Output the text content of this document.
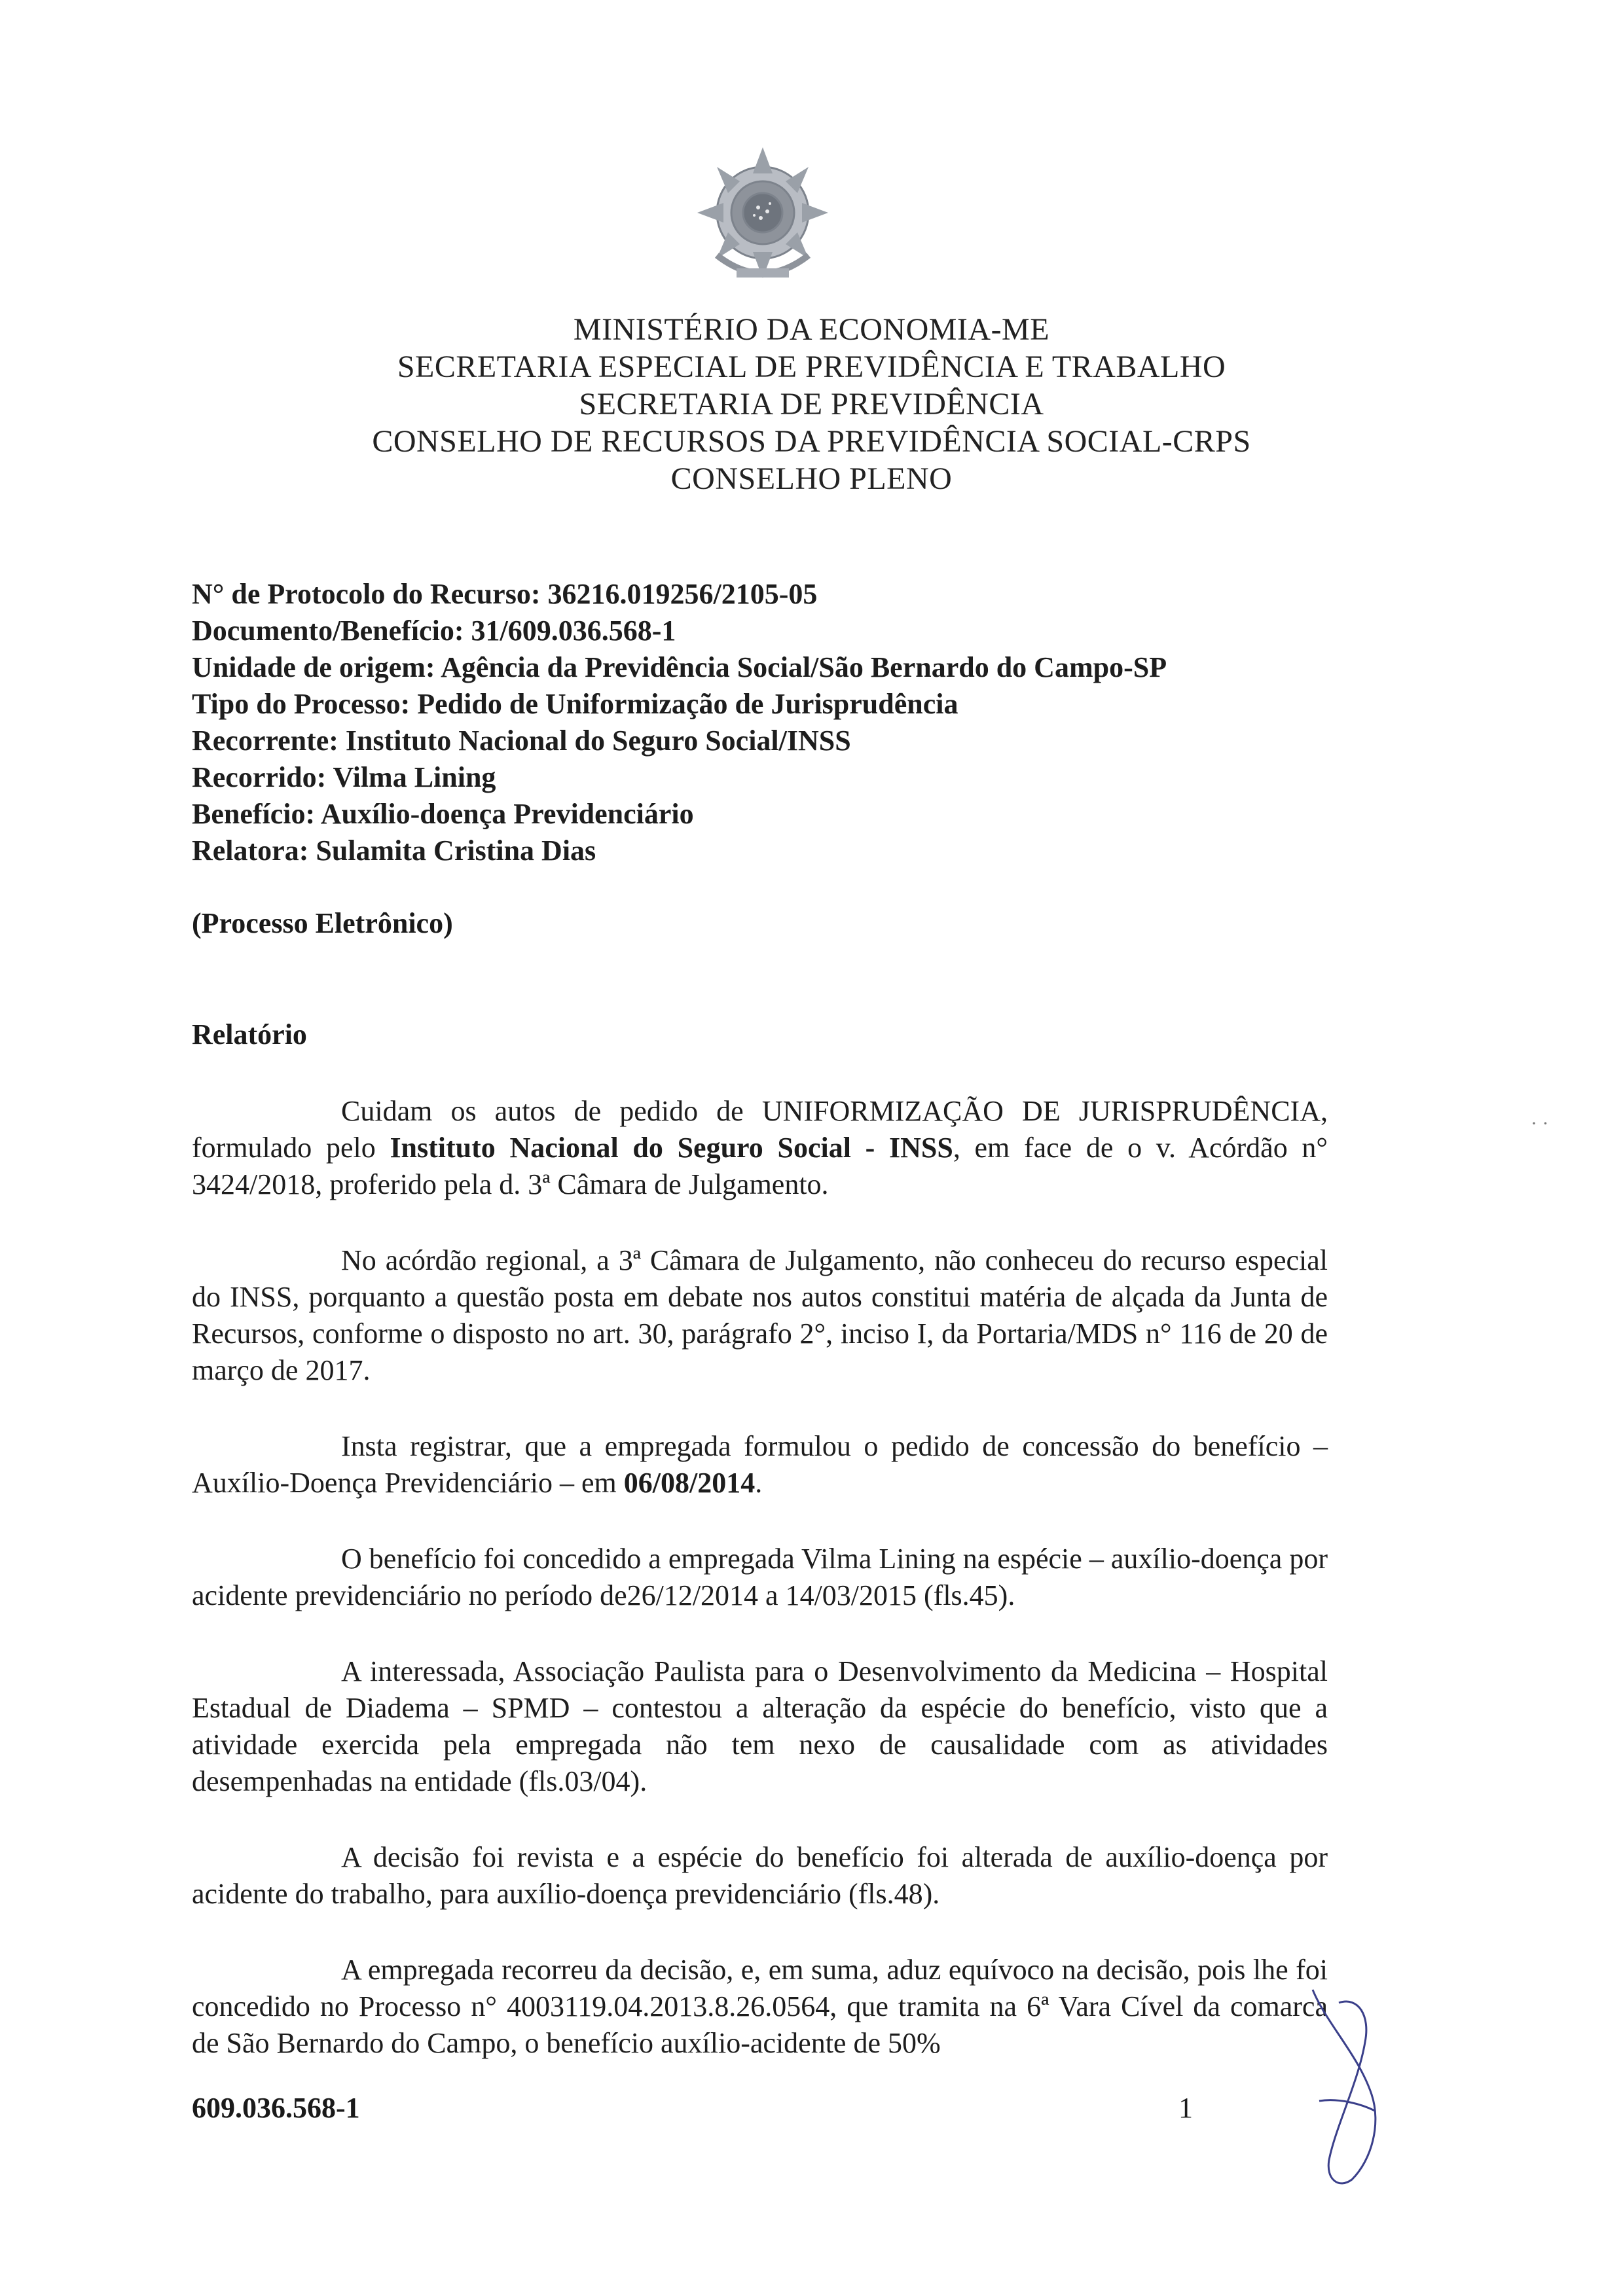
MINISTÉRIO DA ECONOMIA-ME
SECRETARIA ESPECIAL DE PREVIDÊNCIA E TRABALHO
SECRETARIA DE PREVIDÊNCIA
CONSELHO DE RECURSOS DA PREVIDÊNCIA SOCIAL-CRPS
CONSELHO PLENO
N° de Protocolo do Recurso: 36216.019256/2105-05
Documento/Benefício: 31/609.036.568-1
Unidade de origem: Agência da Previdência Social/São Bernardo do Campo-SP
Tipo do Processo: Pedido de Uniformização de Jurisprudência
Recorrente: Instituto Nacional do Seguro Social/INSS
Recorrido: Vilma Lining
Benefício: Auxílio-doença Previdenciário
Relatora: Sulamita Cristina Dias
(Processo Eletrônico)
Relatório
· ·

Cuidam os autos de pedido de UNIFORMIZAÇÃO DE JURISPRUDÊNCIA, formulado pelo Instituto Nacional do Seguro Social - INSS, em face de o v. Acórdão n° 3424/2018, proferido pela d. 3ª Câmara de Julgamento.

No acórdão regional, a 3ª Câmara de Julgamento, não conheceu do recurso especial do INSS, porquanto a questão posta em debate nos autos constitui matéria de alçada da Junta de Recursos, conforme o disposto no art. 30, parágrafo 2°, inciso I, da Portaria/MDS n° 116 de 20 de março de 2017.

Insta registrar, que a empregada formulou o pedido de concessão do benefício – Auxílio-Doença Previdenciário – em 06/08/2014.

O benefício foi concedido a empregada Vilma Lining na espécie – auxílio-doença por acidente previdenciário no período de26/12/2014 a 14/03/2015 (fls.45).

A interessada, Associação Paulista para o Desenvolvimento da Medicina – Hospital Estadual de Diadema – SPMD – contestou a alteração da espécie do benefício, visto que a atividade exercida pela empregada não tem nexo de causalidade com as atividades desempenhadas na entidade (fls.03/04).

A decisão foi revista e a espécie do benefício foi alterada de auxílio-doença por acidente do trabalho, para auxílio-doença previdenciário (fls.48).

A empregada recorreu da decisão, e, em suma, aduz equívoco na decisão, pois lhe foi concedido no Processo n° 4003119.04.2013.8.26.0564, que tramita na 6ª Vara Cível da comarca de São Bernardo do Campo, o benefício auxílio-acidente de 50%

609.036.568-1	1
